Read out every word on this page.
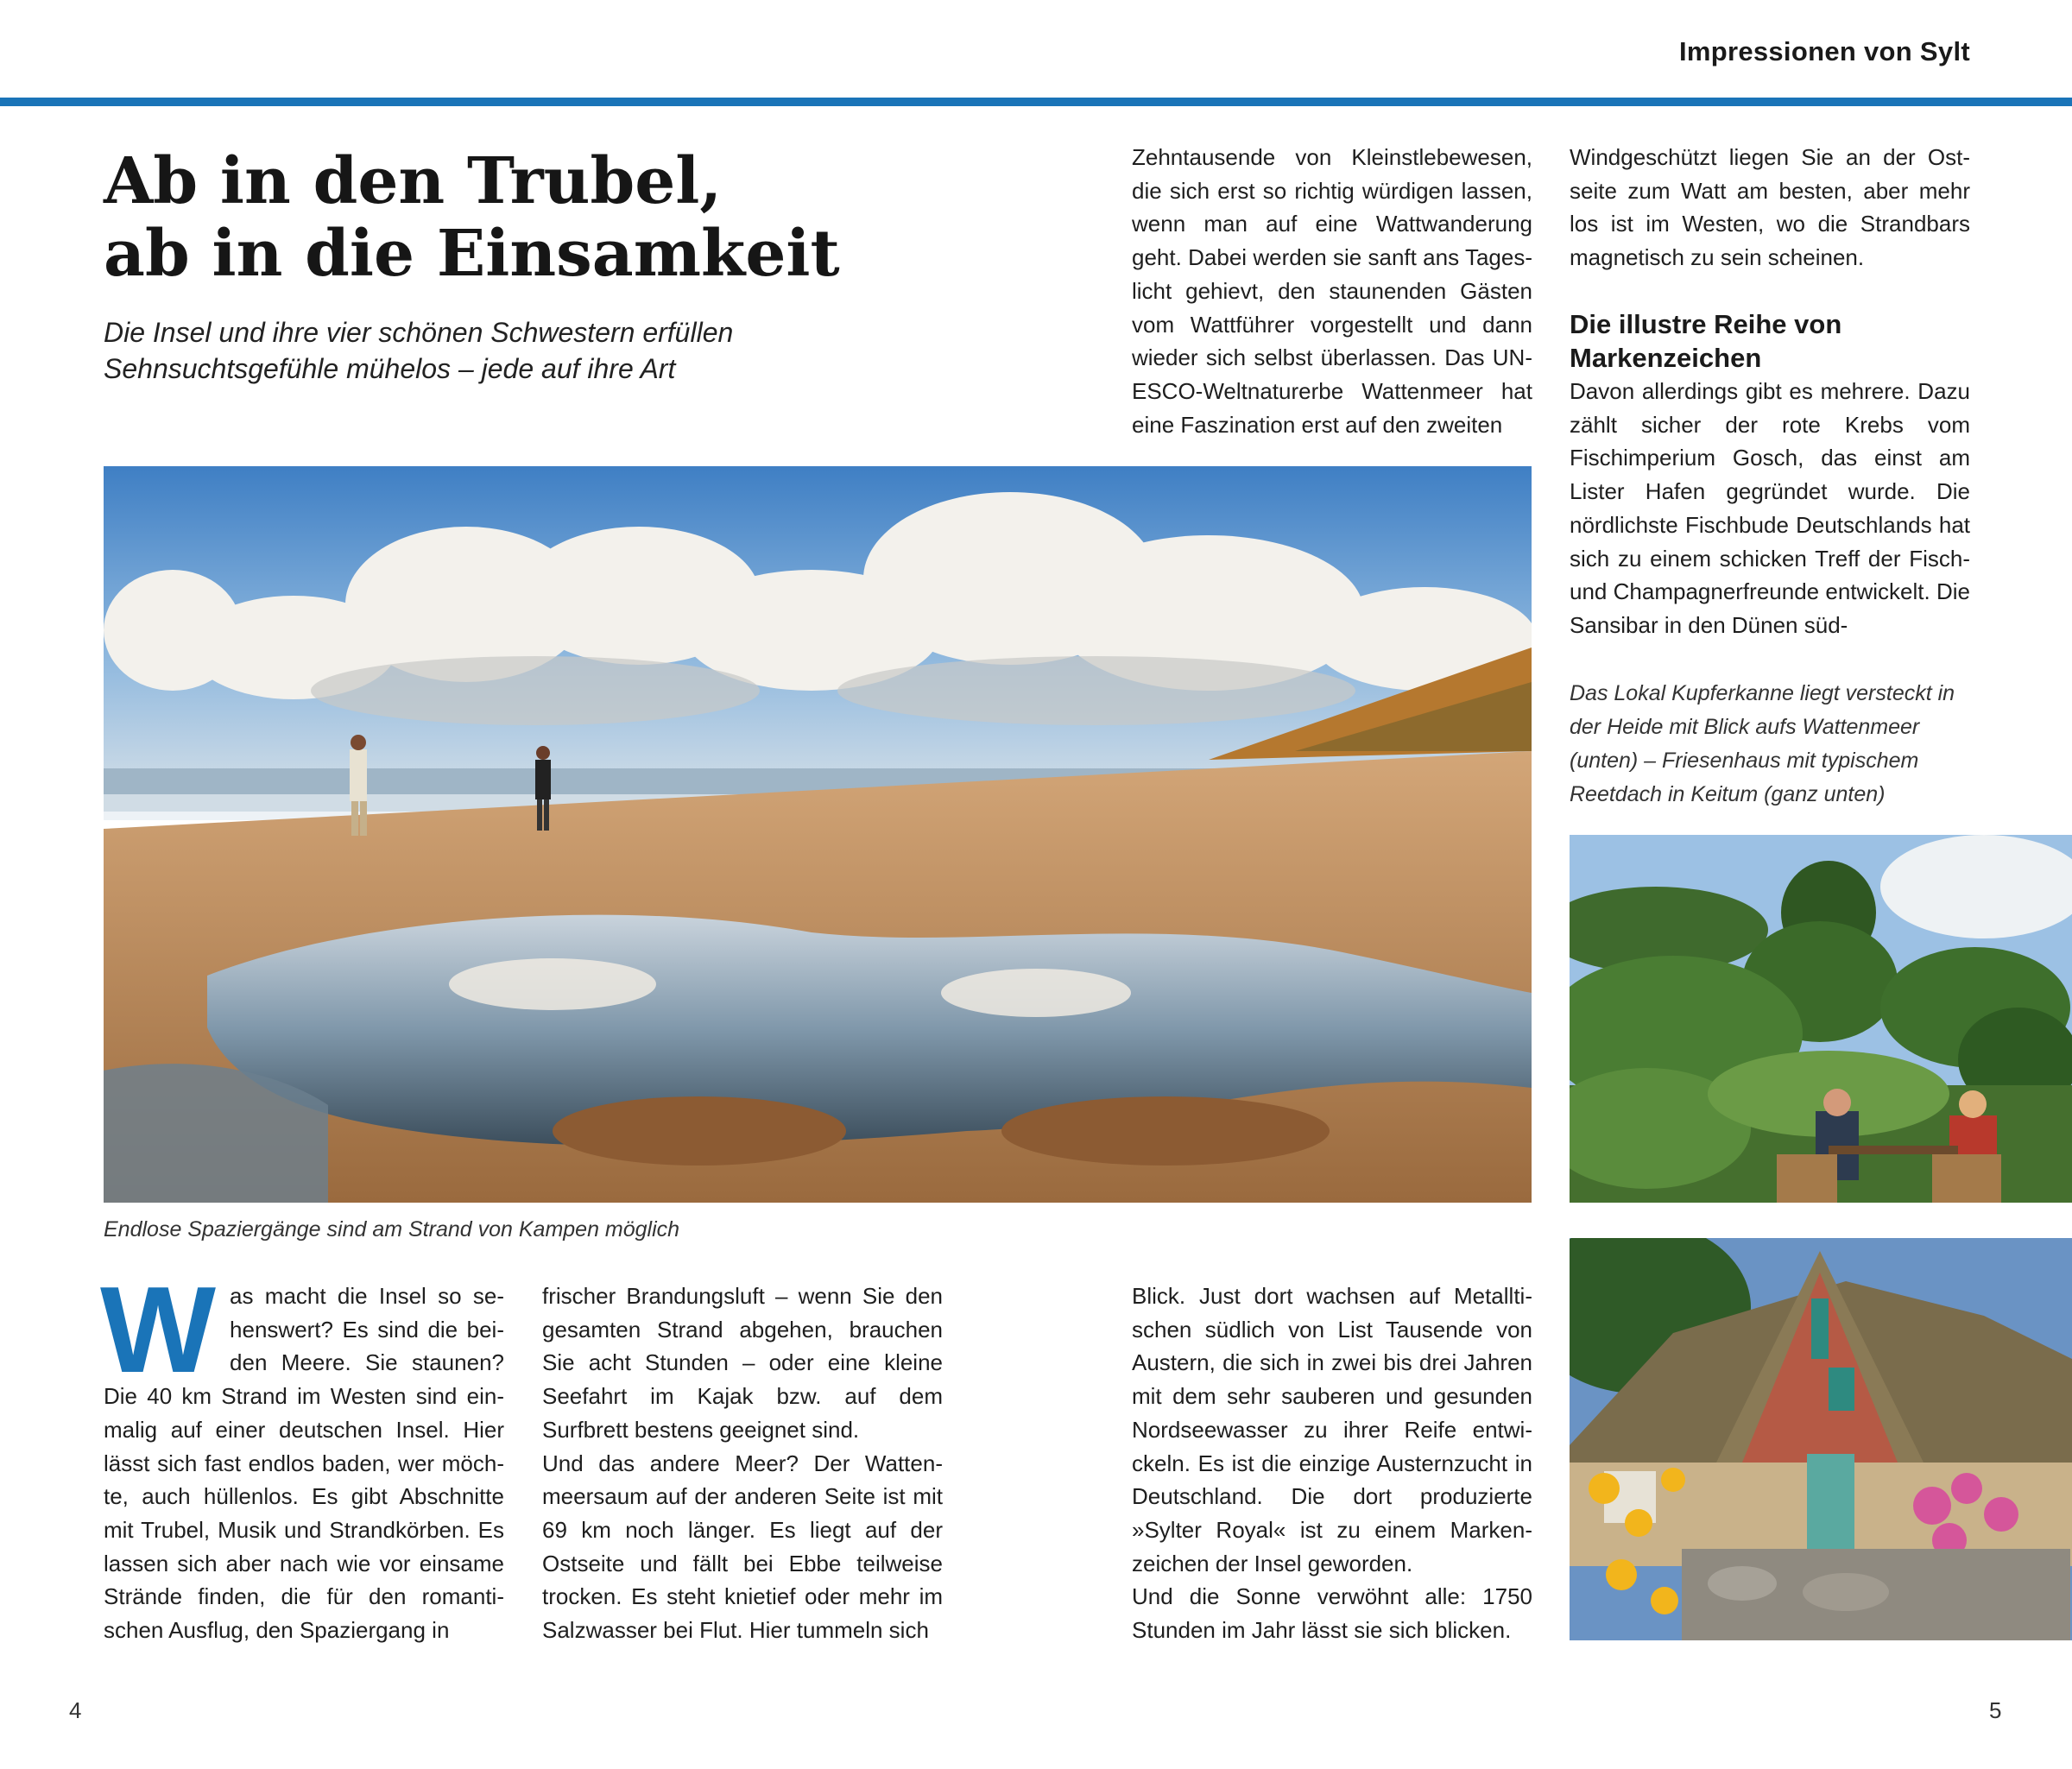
Impressionen von Sylt
Ab in den Trubel,
ab in die Einsamkeit

Die Insel und ihre vier schönen Schwestern erfüllen
Sehnsuchtsgefühle mühelos – jede auf ihre Art

Zehntausende von Kleinstlebewesen, die sich erst so richtig würdigen lassen, wenn man auf eine Wattwanderung geht. Dabei werden sie sanft ans Tageslicht gehievt, den staunenden Gästen vom Wattführer vorgestellt und dann wieder sich selbst überlassen. Das UNESCO-Weltnaturerbe Wattenmeer hat eine Faszination erst auf den zweiten

Windgeschützt liegen Sie an der Ostseite zum Watt am besten, aber mehr los ist im Westen, wo die Strandbars magnetisch zu sein scheinen.

Die illustre Reihe von
Markenzeichen

Davon allerdings gibt es mehrere. Dazu zählt sicher der rote Krebs vom Fischimperium Gosch, das einst am Lister Hafen gegründet wurde. Die nördlichste Fischbude Deutschlands hat sich zu einem schicken Treff der Fisch- und Champagnerfreunde entwickelt. Die Sansibar in den Dünen süd-

Das Lokal Kupferkanne liegt versteckt in der Heide mit Blick aufs Wattenmeer (unten) – Friesenhaus mit typischem Reetdach in Keitum (ganz unten)

Endlose Spaziergänge sind am Strand von Kampen möglich

W as macht die Insel so sehenswert? Es sind die beiden Meere. Sie staunen? Die 40 km Strand im Westen sind einmalig auf einer deutschen Insel. Hier lässt sich fast endlos baden, wer möchte, auch hüllenlos. Es gibt Abschnitte mit Trubel, Musik und Strandkörben. Es lassen sich aber nach wie vor einsame Strände finden, die für den romantischen Ausflug, den Spaziergang in

frischer Brandungsluft – wenn Sie den gesamten Strand abgehen, brauchen Sie acht Stunden – oder eine kleine Seefahrt im Kajak bzw. auf dem Surfbrett bestens geeignet sind.

Und das andere Meer? Der Wattenmeersaum auf der anderen Seite ist mit 69 km noch länger. Es liegt auf der Ostseite und fällt bei Ebbe teilweise trocken. Es steht knietief oder mehr im Salzwasser bei Flut. Hier tummeln sich

Blick. Just dort wachsen auf Metalltischen südlich von List Tausende von Austern, die sich in zwei bis drei Jahren mit dem sehr sauberen und gesunden Nordseewasser zu ihrer Reife entwickeln. Es ist die einzige Austernzucht in Deutschland. Die dort produzierte »Sylter Royal« ist zu einem Markenzeichen der Insel geworden.

Und die Sonne verwöhnt alle: 1750 Stunden im Jahr lässt sie sich blicken.

4	5
